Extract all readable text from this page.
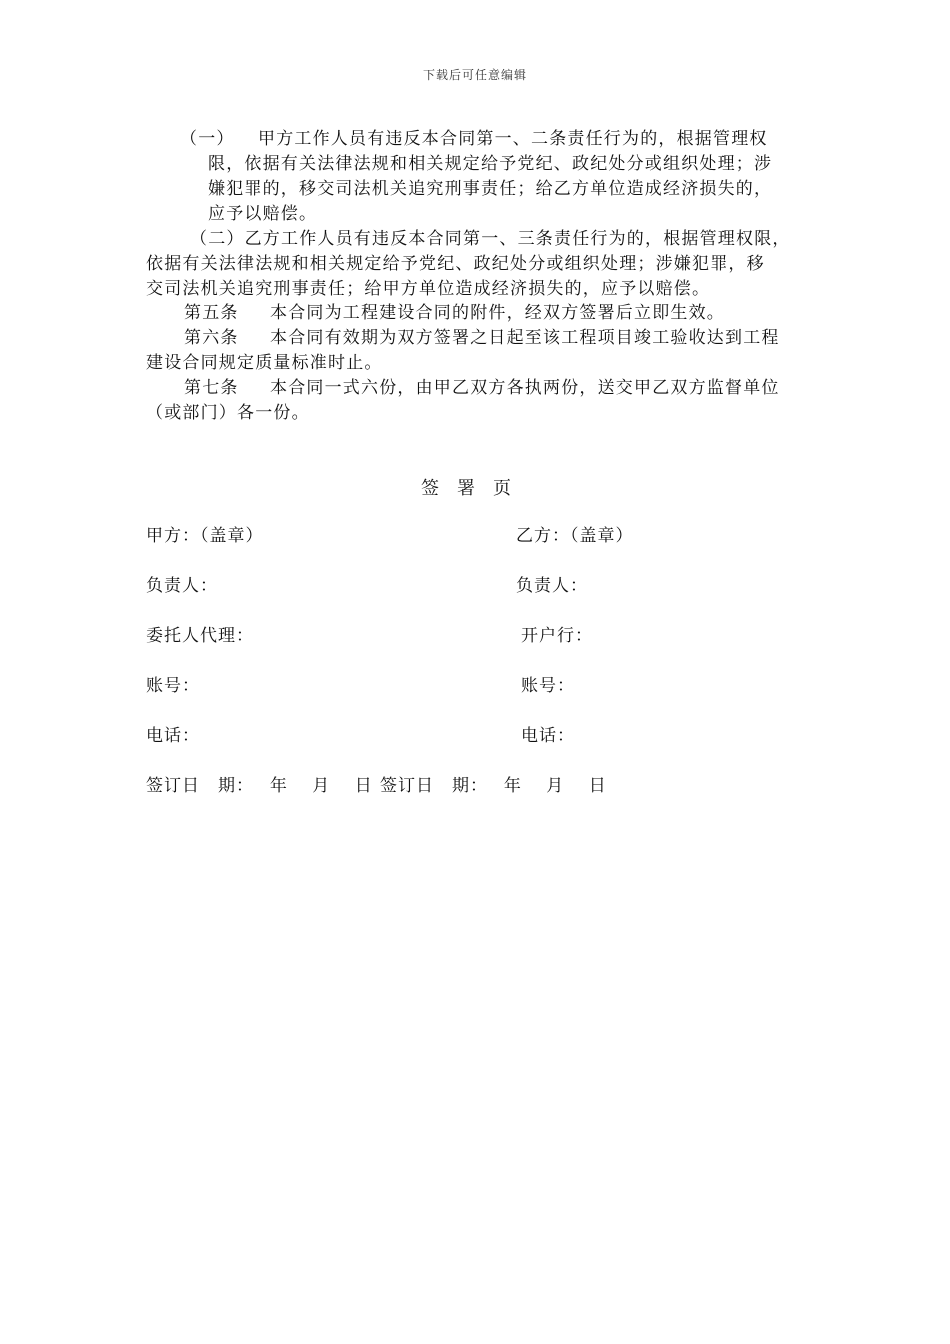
下载后可任意编辑
（一） 甲方工作人员有违反本合同第一、二条责任行为的，根据管理权
限，依据有关法律法规和相关规定给予党纪、政纪处分或组织处理；涉
嫌犯罪的，移交司法机关追究刑事责任；给乙方单位造成经济损失的，
应予以赔偿。
（二）乙方工作人员有违反本合同第一、三条责任行为的，根据管理权限，
依据有关法律法规和相关规定给予党纪、政纪处分或组织处理；涉嫌犯罪，移
交司法机关追究刑事责任；给甲方单位造成经济损失的，应予以赔偿。
第五条 本合同为工程建设合同的附件，经双方签署后立即生效。
第六条 本合同有效期为双方签署之日起至该工程项目竣工验收达到工程
建设合同规定质量标准时止。
第七条 本合同一式六份，由甲乙双方各执两份，送交甲乙双方监督单位
（或部门）各一份。
签署页
甲方：（盖章）	乙方：（盖章）
负责人：	负责人：
委托人代理：	开户行：
账号：	账号：
电话：	电话：
签订日　期：　 年　 月　 日 签订日　期：　 年　 月　 日
